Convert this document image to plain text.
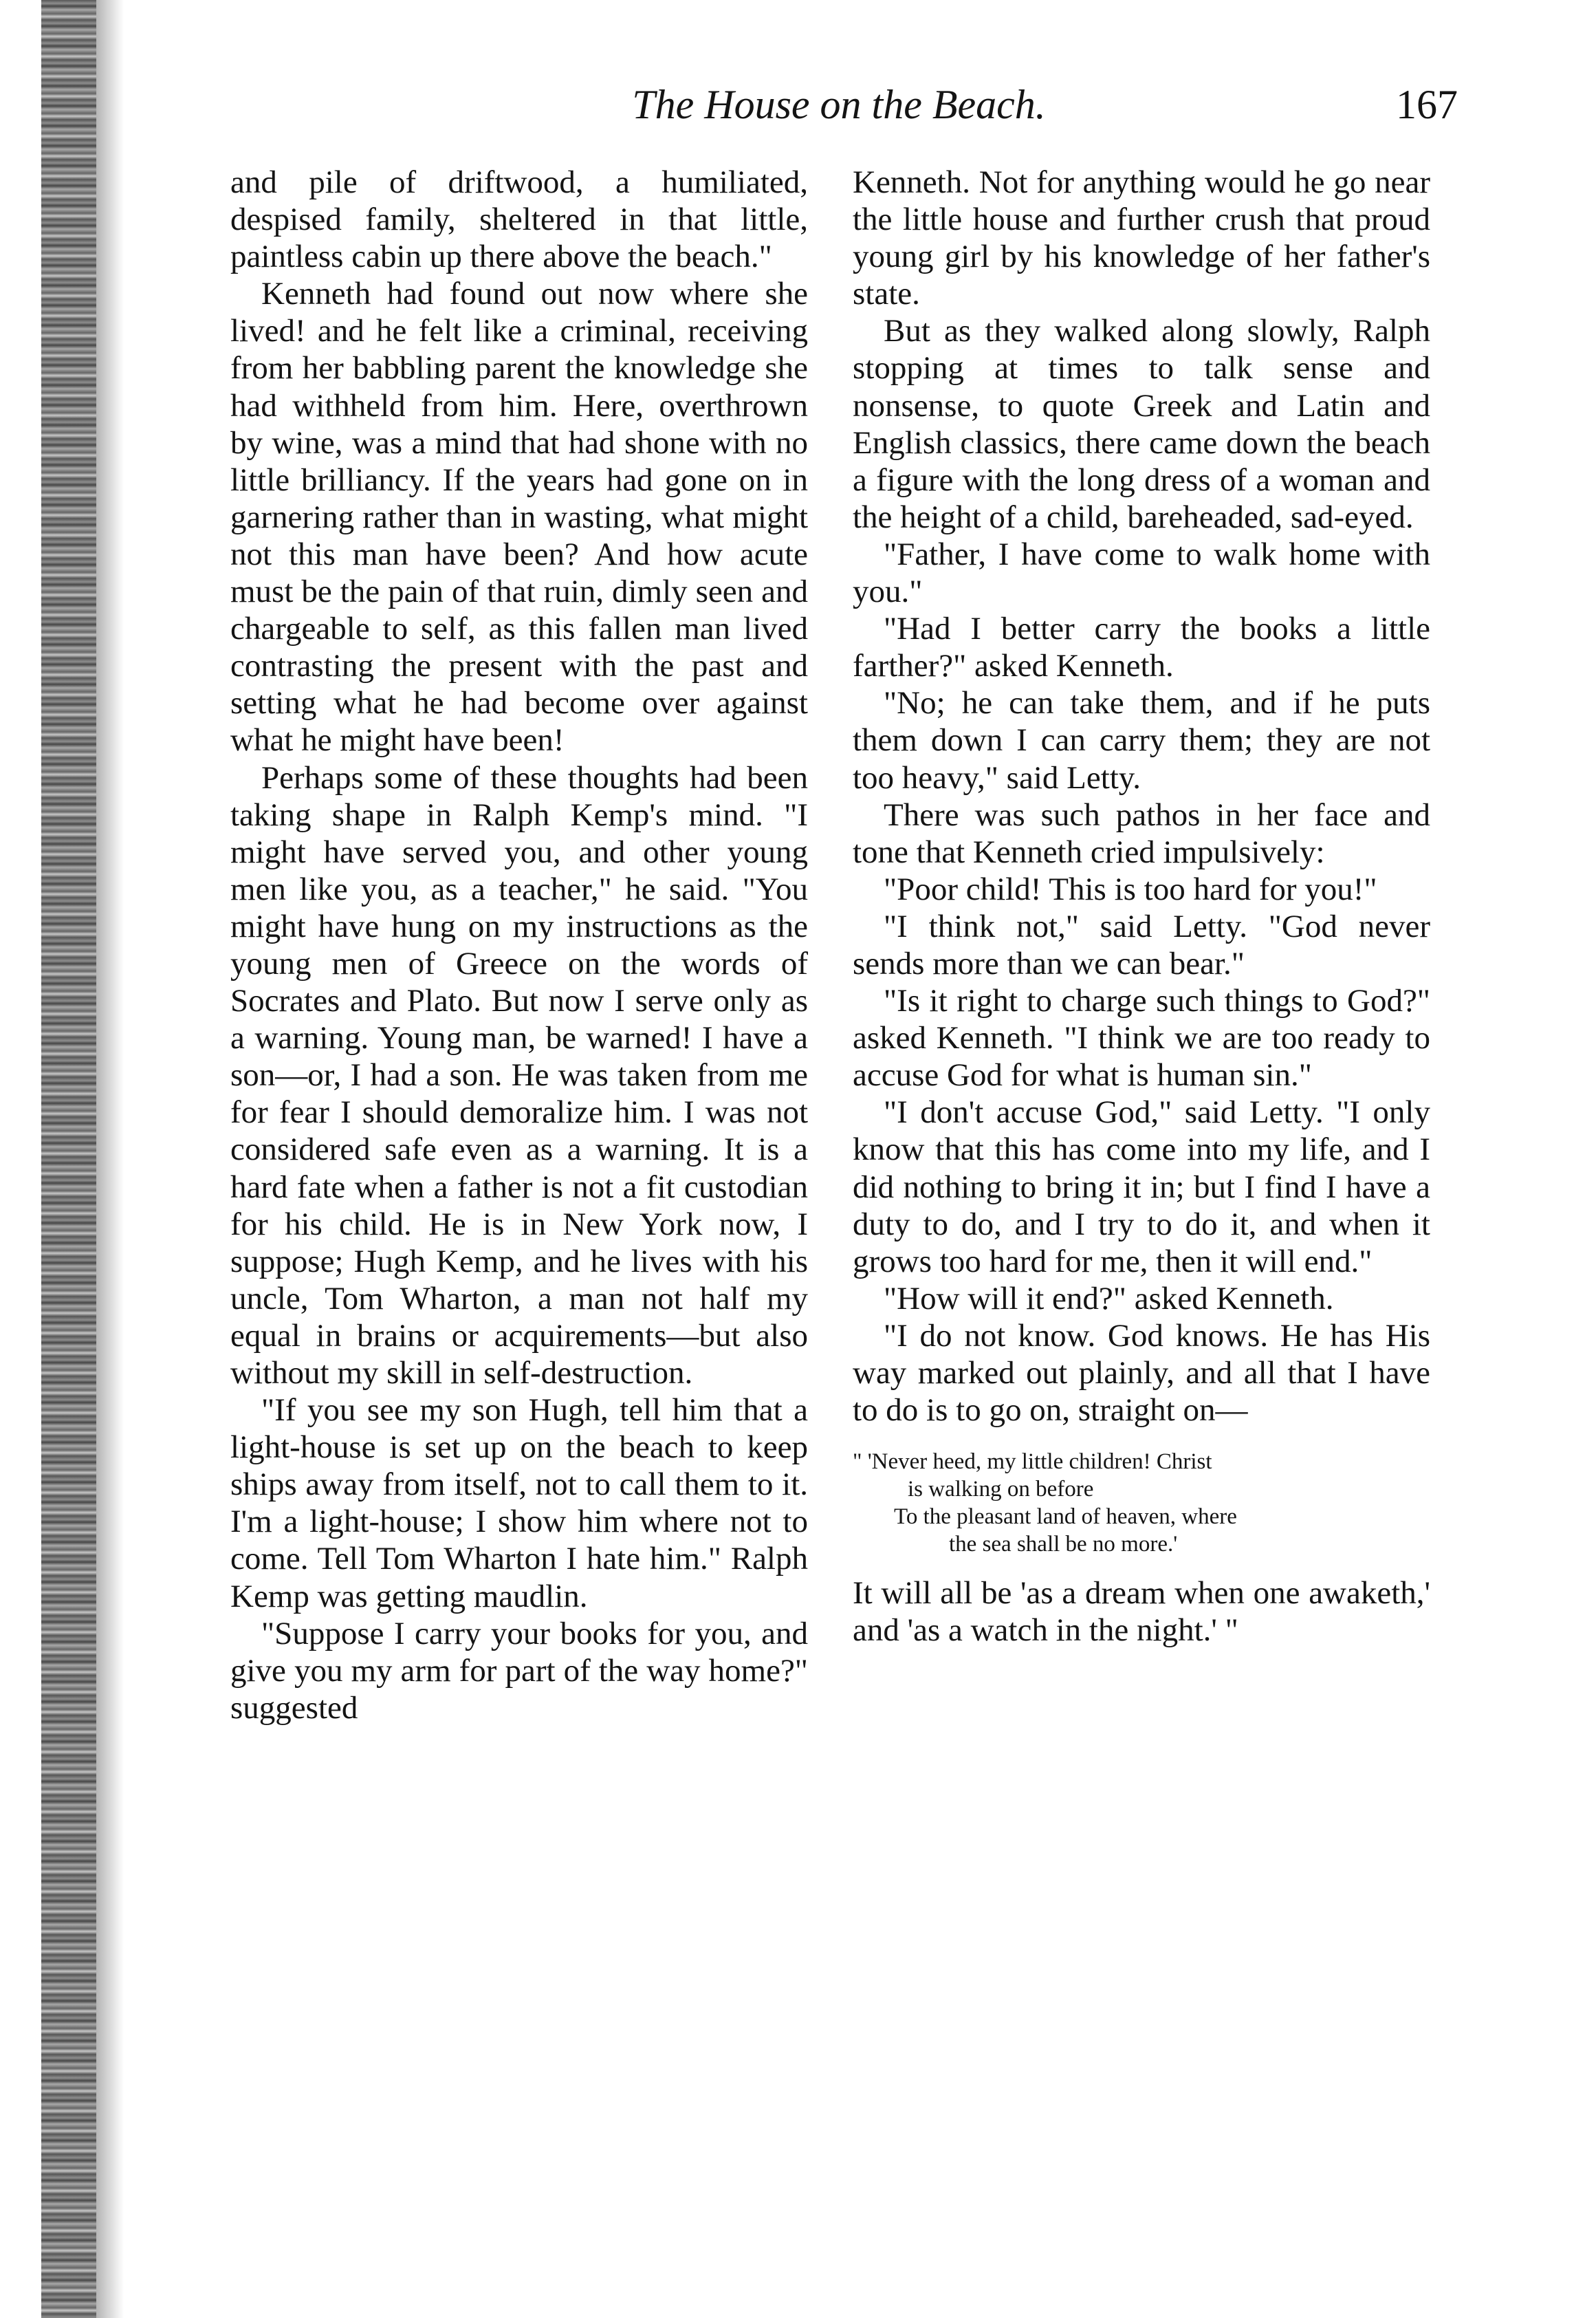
The House on the Beach.	167

and pile of driftwood, a humiliated, despised family, sheltered in that little, paintless cabin up there above the beach."

Kenneth had found out now where she lived! and he felt like a criminal, receiving from her babbling parent the knowledge she had withheld from him. Here, overthrown by wine, was a mind that had shone with no little brilliancy. If the years had gone on in garnering rather than in wasting, what might not this man have been? And how acute must be the pain of that ruin, dimly seen and chargeable to self, as this fallen man lived contrasting the present with the past and setting what he had become over against what he might have been!

Perhaps some of these thoughts had been taking shape in Ralph Kemp's mind. "I might have served you, and other young men like you, as a teacher," he said. "You might have hung on my instructions as the young men of Greece on the words of Socrates and Plato. But now I serve only as a warning. Young man, be warned! I have a son—or, I had a son. He was taken from me for fear I should demoralize him. I was not considered safe even as a warning. It is a hard fate when a father is not a fit custodian for his child. He is in New York now, I suppose; Hugh Kemp, and he lives with his uncle, Tom Wharton, a man not half my equal in brains or acquirements—but also without my skill in self-destruction.

"If you see my son Hugh, tell him that a light-house is set up on the beach to keep ships away from itself, not to call them to it. I'm a light-house; I show him where not to come. Tell Tom Wharton I hate him." Ralph Kemp was getting maudlin.

"Suppose I carry your books for you, and give you my arm for part of the way home?" suggested

Kenneth. Not for anything would he go near the little house and further crush that proud young girl by his knowledge of her father's state.

But as they walked along slowly, Ralph stopping at times to talk sense and nonsense, to quote Greek and Latin and English classics, there came down the beach a figure with the long dress of a woman and the height of a child, bareheaded, sad-eyed.

"Father, I have come to walk home with you."

"Had I better carry the books a little farther?" asked Kenneth.

"No; he can take them, and if he puts them down I can carry them; they are not too heavy," said Letty.

There was such pathos in her face and tone that Kenneth cried impulsively:

"Poor child! This is too hard for you!"

"I think not," said Letty. "God never sends more than we can bear."

"Is it right to charge such things to God?" asked Kenneth. "I think we are too ready to accuse God for what is human sin."

"I don't accuse God," said Letty. "I only know that this has come into my life, and I did nothing to bring it in; but I find I have a duty to do, and I try to do it, and when it grows too hard for me, then it will end."

"How will it end?" asked Kenneth.

"I do not know. God knows. He has His way marked out plainly, and all that I have to do is to go on, straight on—

" 'Never heed, my little children! Christ
is walking on before
To the pleasant land of heaven, where
the sea shall be no more.'

It will all be 'as a dream when one awaketh,' and 'as a watch in the night.' "
